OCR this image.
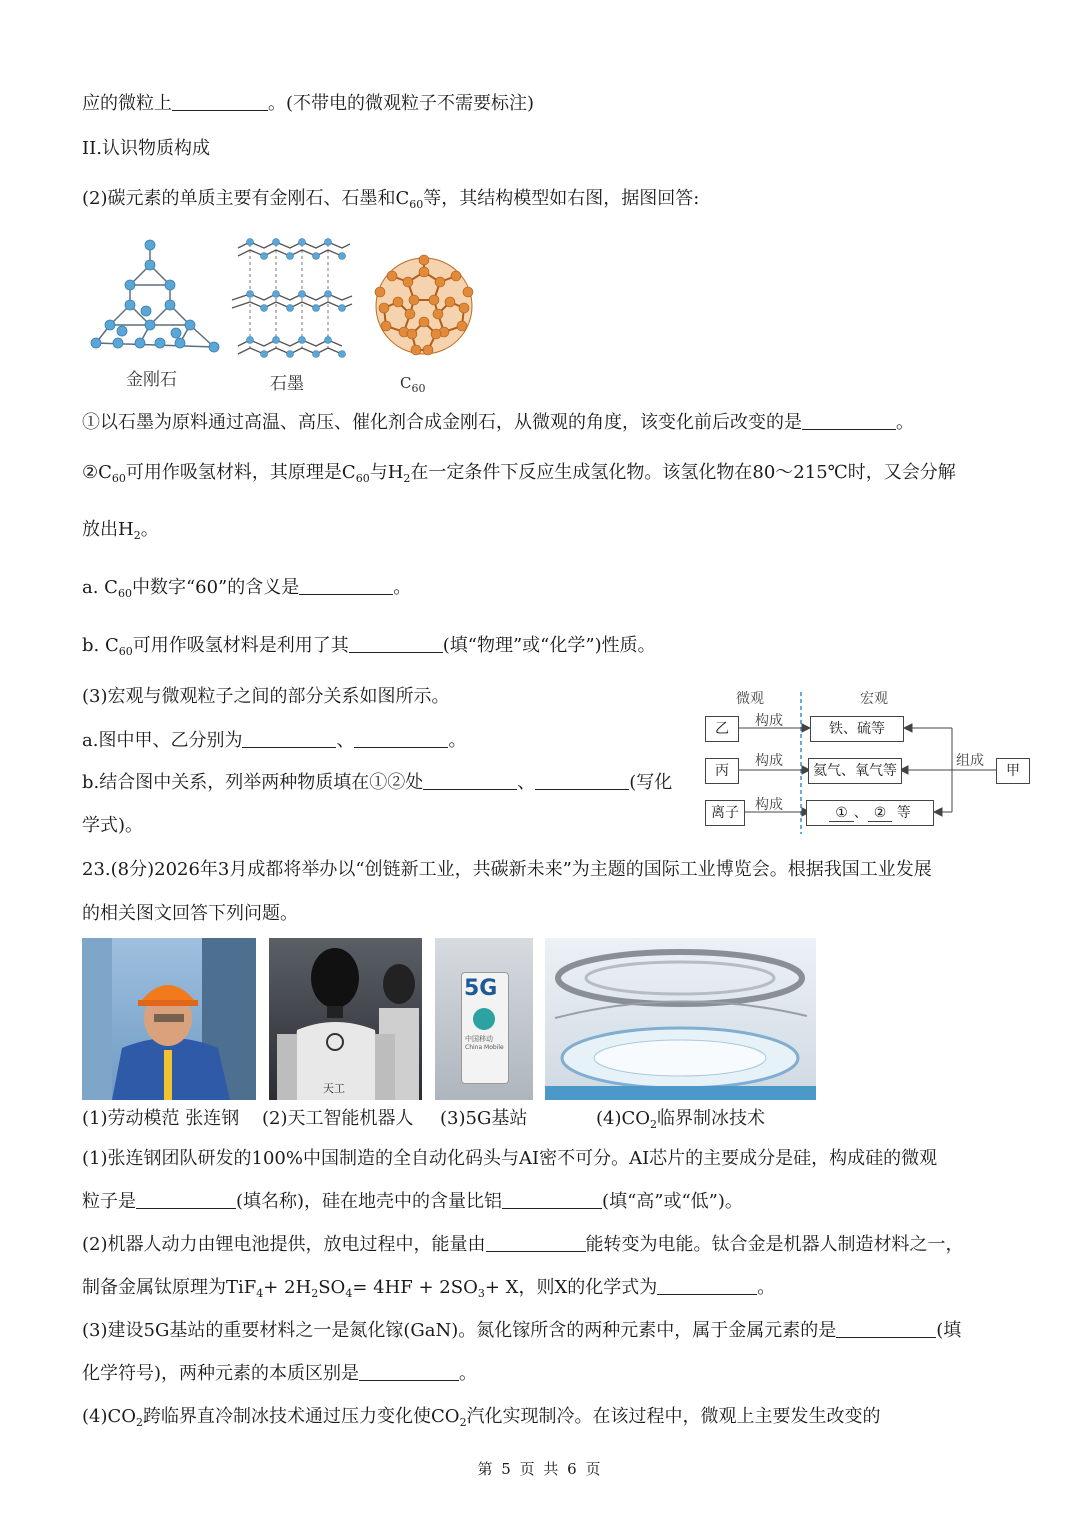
应的微粒上	。(不带电的微观粒子不需要标注)
II.认识物质构成
(2)碳元素的单质主要有金刚石、石墨和$C_{60}$等，其结构模型如右图，据图回答:
金刚石	石墨	$C_{60}$
①以石墨为原料通过高温、高压、催化剂合成金刚石，从微观的角度，该变化前后改变的是	。
$②C_{60}$可用作吸氢材料，其原理是$C_{60}$与$H_2$在一定条件下反应生成氢化物。该氢化物在80～215℃时，又会分解
放出$H_2$。
a. $C_{60}$中数字“60”的含义是	。
b. $C_{60}$可用作吸氢材料是利用了其	(填“物理”或“化学”)性质。
(3)宏观与微观粒子之间的部分关系如图所示。
a.图中甲、乙分别为	、	。
b.结合图中关系，列举两种物质填在①②处	、	(写化
学式)。
微观	宏观
乙
丙
离子
构成
构成
构成
铁、硫等
氦气、氧气等
① 、 ② 等
组成
甲
23.(8分)2026年3月成都将举办以“创链新工业，共碳新未来”为主题的国际工业博览会。根据我国工业发展
的相关图文回答下列问题。
天工
5G
中国移动
China Mobile
(1)劳动模范 张连钢 (2)天工智能机器人 (3)5G基站	$(4)CO_2$临界制冰技术
(1)张连钢团队研发的100%中国制造的全自动化码头与AI密不可分。AI芯片的主要成分是硅，构成硅的微观
粒子是	(填名称)，硅在地壳中的含量比铝	(填“高”或“低”)。
(2)机器人动力由锂电池提供，放电过程中，能量由	能转变为电能。钛合金是机器人制造材料之一，
制备金属钛原理为$TiF_4+ 2H_2SO_4= 4HF + 2SO_3+ X$，则X的化学式为	。
(3)建设5G基站的重要材料之一是氮化镓(GaN)。氮化镓所含的两种元素中，属于金属元素的是	(填
化学符号)，两种元素的本质区别是	。
$(4)CO_2$跨临界直冷制冰技术通过压力变化使$CO_2$汽化实现制冷。在该过程中，微观上主要发生改变的
第 5 页 共 6 页
